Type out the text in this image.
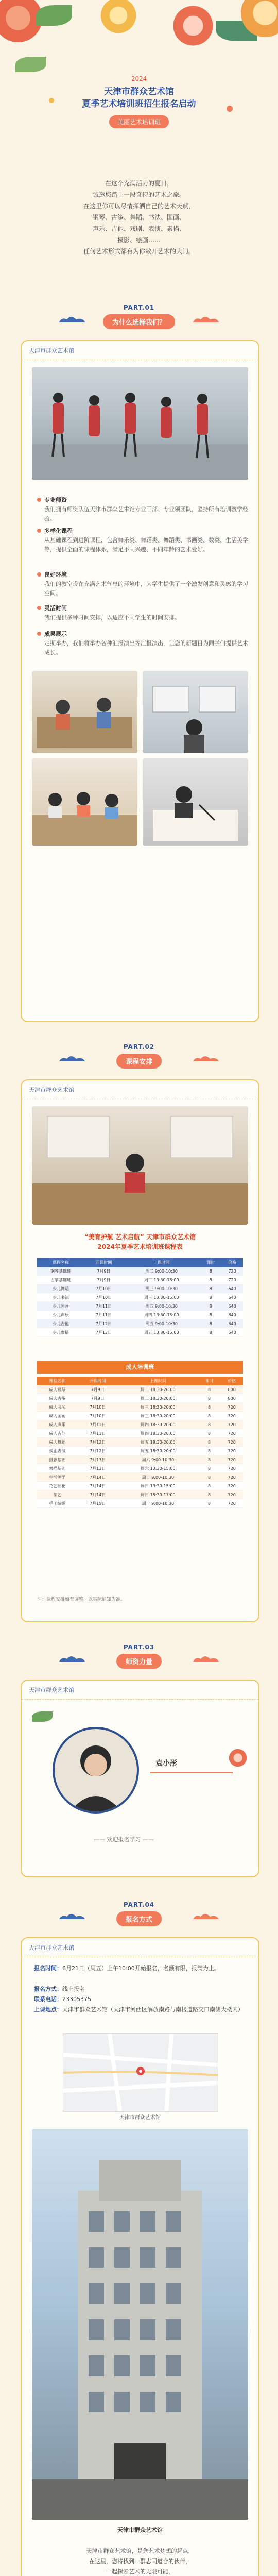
2024
天津市群众艺术馆
夏季艺术培训班招生报名启动
美丽艺术培训班
在这个充满活力的夏日，
诚邀您踏上一段奇特的艺术之旅。
在这里你可以尽情挥洒自己的艺术天赋，
钢琴、古筝、舞蹈、书法、国画、
声乐、吉他、戏剧、表演、素描、
摄影、绘画……
任何艺术形式都有为你敞开艺术的大门。
PART.01
为什么选择我们？
天津市群众艺术馆
专业师资
我们拥有师资队伍天津市群众艺术馆专业干部、专业领团队，坚持所有培训教学经验。
多样化课程
从基础课程到进阶课程，包含舞乐类、舞蹈类、舞蹈类、书画类、数类、生活美学等，提供全面的课程体系，满足不同兴趣、不同年龄的艺术爱好。
良好环境
我们的教室设在充满艺术气息的环境中，为学生提供了一个激发创意和灵感的学习空间。
灵活时间
我们提供多种时间安排，以适应不同学生的时间安排。
成果展示
定期举办，我们将举办各种汇报演出等汇报演出，让您的新题目为同学们提供艺术成长。
PART.02
课程安排
天津市群众艺术馆
“美育护航 艺术启航” 天津市群众艺术馆
2024年夏季艺术培训班课程表
课程名称	开课时间	上课时间	课时	价格
钢琴基础班	7月9日	周二 9:00-10:30	8	720
古筝基础班	7月9日	周二 13:30-15:00	8	720
少儿舞蹈	7月10日	周三 9:00-10:30	8	640
少儿书法	7月10日	周三 13:30-15:00	8	640
少儿国画	7月11日	周四 9:00-10:30	8	640
少儿声乐	7月11日	周四 13:30-15:00	8	640
少儿吉他	7月12日	周五 9:00-10:30	8	640
少儿素描	7月12日	周五 13:30-15:00	8	640
成人培训班
课程名称	开课时间	上课时间	课时	价格
成人钢琴	7月9日	周二 18:30-20:00	8	800
成人古筝	7月9日	周二 18:30-20:00	8	800
成人书法	7月10日	周三 18:30-20:00	8	720
成人国画	7月10日	周三 18:30-20:00	8	720
成人声乐	7月11日	周四 18:30-20:00	8	720
成人吉他	7月11日	周四 18:30-20:00	8	720
成人舞蹈	7月12日	周五 18:30-20:00	8	720
戏剧表演	7月12日	周五 18:30-20:00	8	720
摄影基础	7月13日	周六 9:00-10:30	8	720
素描基础	7月13日	周六 13:30-15:00	8	720
生活美学	7月14日	周日 9:00-10:30	8	720
花艺插花	7月14日	周日 13:30-15:00	8	720
茶艺	7月14日	周日 15:30-17:00	8	720
手工编织	7月15日	周一 9:00-10:30	8	720
注：课程安排如有调整，以实际通知为准。
PART.03
师资力量
天津市群众艺术馆
袁小彤
—— 欢迎报名学习 ——
PART.04
报名方式
天津市群众艺术馆
报名时间：6月21日（周五）上午10:00开始报名，名额有限，报满为止。
报名方式：线上报名
联系电话：23305375
上课地点：天津市群众艺术馆（天津市河西区解放南路与南楼道路交口南侧大楼内）
天津市群众艺术馆
天津市群众艺术馆
天津市群众艺术馆，是您艺术梦想的起点，
在这里，您将找到一群志同道合的伙伴，
一起探索艺术的无限可能，
